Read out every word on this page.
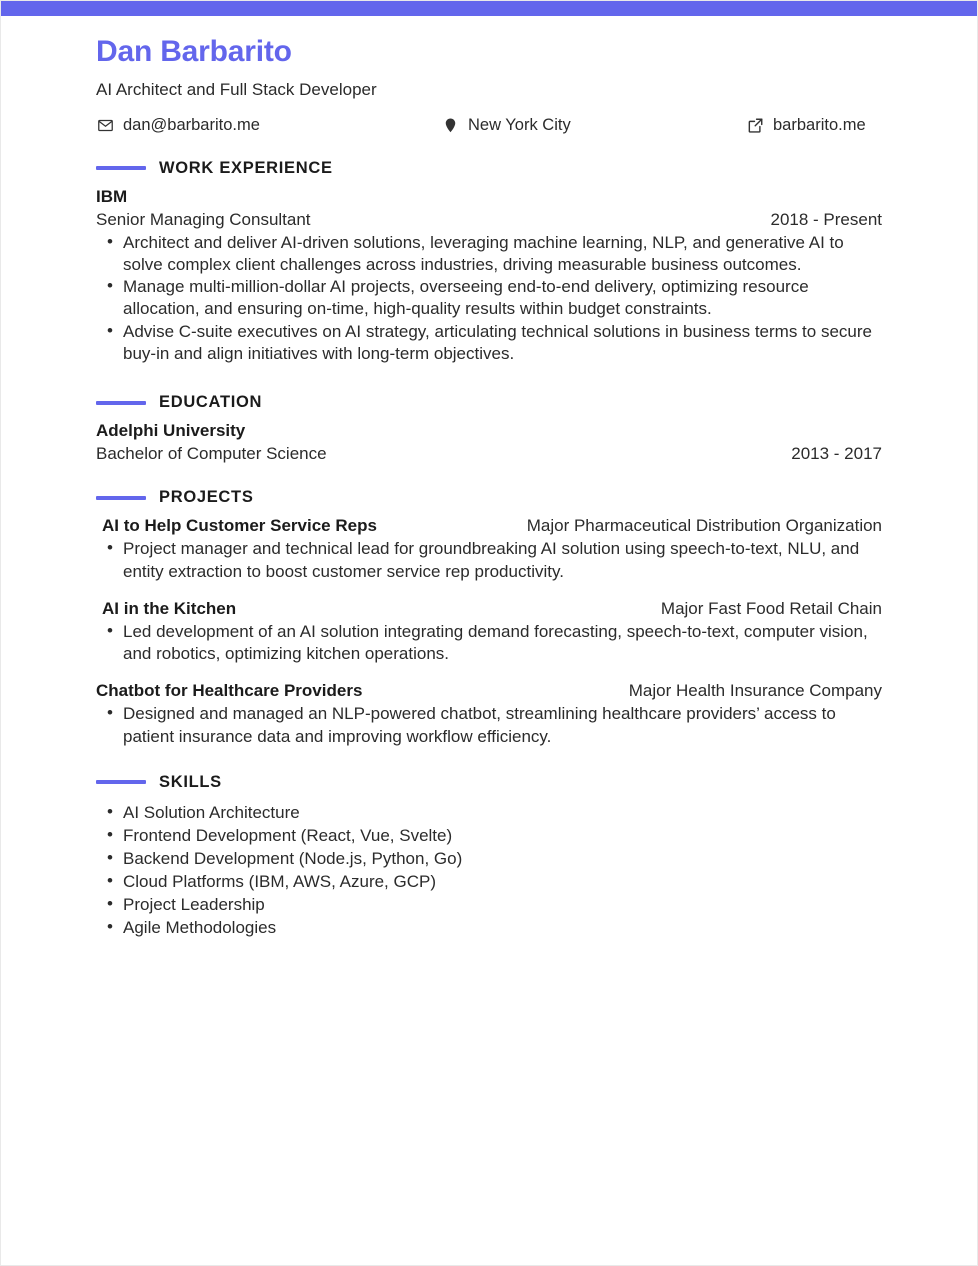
Dan Barbarito
AI Architect and Full Stack Developer
dan@barbarito.me	New York City	barbarito.me
WORK EXPERIENCE
IBM
Senior Managing Consultant	2018 - Present
• Architect and deliver AI-driven solutions, leveraging machine learning, NLP, and generative AI to solve complex client challenges across industries, driving measurable business outcomes.
• Manage multi-million-dollar AI projects, overseeing end-to-end delivery, optimizing resource allocation, and ensuring on-time, high-quality results within budget constraints.
• Advise C-suite executives on AI strategy, articulating technical solutions in business terms to secure buy-in and align initiatives with long-term objectives.
EDUCATION
Adelphi University
Bachelor of Computer Science	2013 - 2017
PROJECTS
AI to Help Customer Service Reps	Major Pharmaceutical Distribution Organization
• Project manager and technical lead for groundbreaking AI solution using speech-to-text, NLU, and entity extraction to boost customer service rep productivity.
AI in the Kitchen	Major Fast Food Retail Chain
• Led development of an AI solution integrating demand forecasting, speech-to-text, computer vision, and robotics, optimizing kitchen operations.
Chatbot for Healthcare Providers	Major Health Insurance Company
• Designed and managed an NLP-powered chatbot, streamlining healthcare providers’ access to patient insurance data and improving workflow efficiency.
SKILLS
• AI Solution Architecture
• Frontend Development (React, Vue, Svelte)
• Backend Development (Node.js, Python, Go)
• Cloud Platforms (IBM, AWS, Azure, GCP)
• Project Leadership
• Agile Methodologies
